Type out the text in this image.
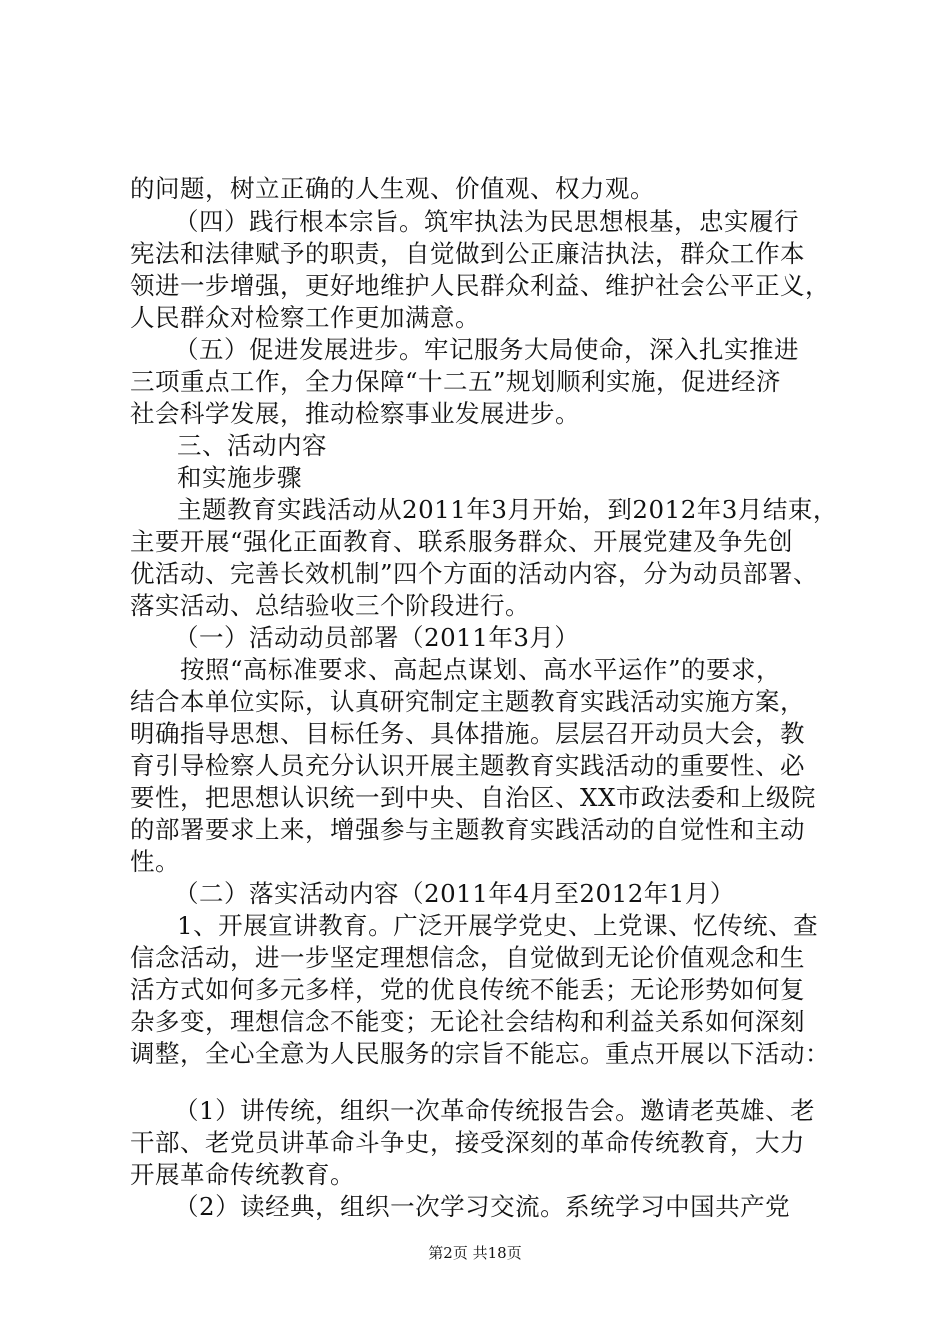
的问题，树立正确的人生观、价值观、权力观。

（四）践行根本宗旨。筑牢执法为民思想根基，忠实履行

宪法和法律赋予的职责，自觉做到公正廉洁执法，群众工作本

领进一步增强，更好地维护人民群众利益、维护社会公平正义，

人民群众对检察工作更加满意。

（五）促进发展进步。牢记服务大局使命，深入扎实推进

三项重点工作，全力保障“十二五”规划顺利实施，促进经济

社会科学发展，推动检察事业发展进步。

三、活动内容

和实施步骤

主题教育实践活动从2011年3月开始，到2012年3月结束，

主要开展“强化正面教育、联系服务群众、开展党建及争先创

优活动、完善长效机制”四个方面的活动内容，分为动员部署、

落实活动、总结验收三个阶段进行。

（一）活动动员部署（2011年3月）

按照“高标准要求、高起点谋划、高水平运作”的要求，

结合本单位实际，认真研究制定主题教育实践活动实施方案，

明确指导思想、目标任务、具体措施。层层召开动员大会，教

育引导检察人员充分认识开展主题教育实践活动的重要性、必

要性，把思想认识统一到中央、自治区、XX市政法委和上级院

的部署要求上来，增强参与主题教育实践活动的自觉性和主动

性。

（二）落实活动内容（2011年4月至2012年1月）

1、开展宣讲教育。广泛开展学党史、上党课、忆传统、查

信念活动，进一步坚定理想信念，自觉做到无论价值观念和生

活方式如何多元多样，党的优良传统不能丢；无论形势如何复

杂多变，理想信念不能变；无论社会结构和利益关系如何深刻

调整，全心全意为人民服务的宗旨不能忘。重点开展以下活动：

（1）讲传统，组织一次革命传统报告会。邀请老英雄、老

干部、老党员讲革命斗争史，接受深刻的革命传统教育，大力

开展革命传统教育。

（2）读经典，组织一次学习交流。系统学习中国共产党

第2页 共18页
